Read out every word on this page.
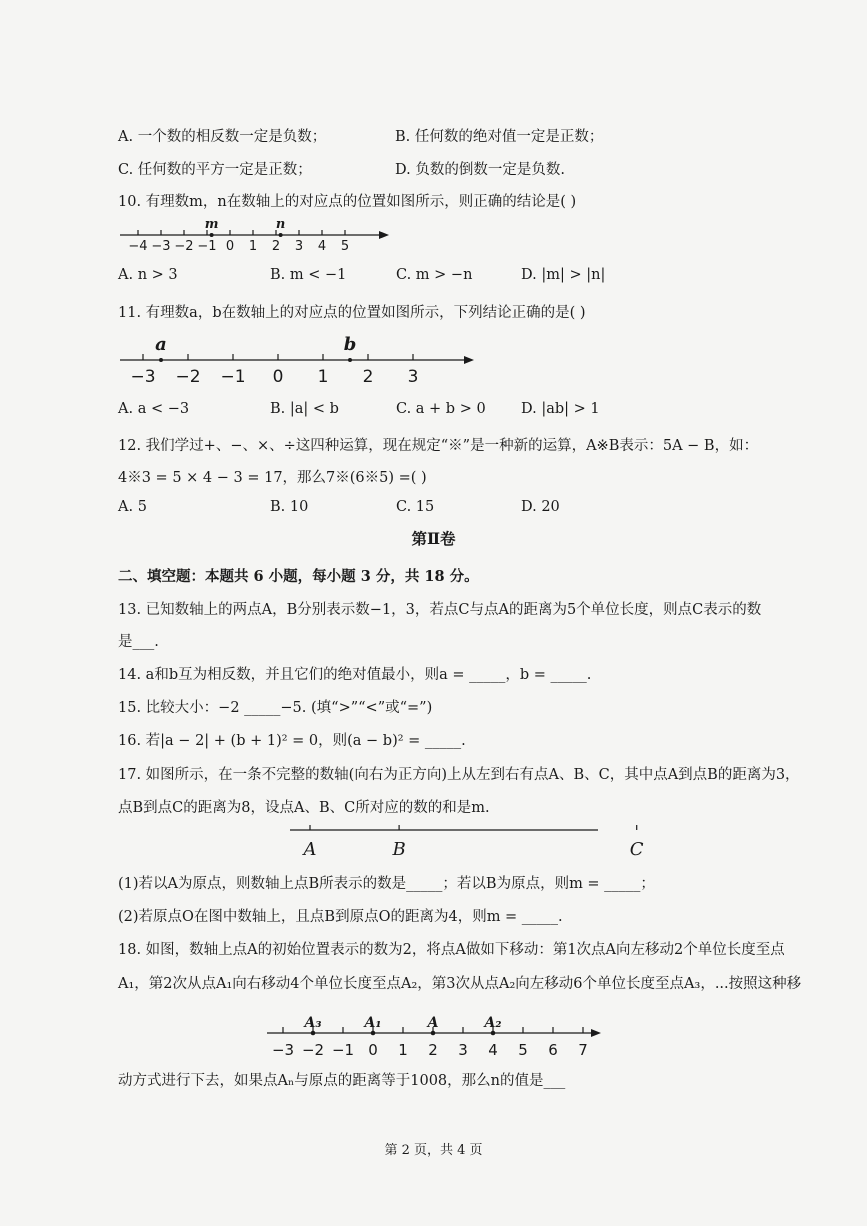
A. 一个数的相反数一定是负数；	B. 任何数的绝对值一定是正数；
C. 任何数的平方一定是正数；	D. 负数的倒数一定是负数.
10. 有理数m，n在数轴上的对应点的位置如图所示，则正确的结论是( )
−4 −3 −2 −1 0 1 2 3 4 5
m	n
A. n > 3	B. m < −1	C. m > −n	D. |m| > |n|
11. 有理数a，b在数轴上的对应点的位置如图所示，下列结论正确的是( )
−3 −2 −1 0 1 2 3
a	b
A. a < −3	B. |a| < b	C. a + b > 0 D. |ab| > 1
12. 我们学过+、−、×、÷这四种运算，现在规定“※”是一种新的运算，A※B表示：5A − B，如：
4※3 = 5 × 4 − 3 = 17，那么7※(6※5) =( )
A. 5	B. 10	C. 15	D. 20
第Ⅱ卷
二、填空题：本题共 6 小题，每小题 3 分，共 18 分。
13. 已知数轴上的两点A，B分别表示数−1，3，若点C与点A的距离为5个单位长度，则点C表示的数
是___.
14. a和b互为相反数，并且它们的绝对值最小，则a = _____，b = _____.
15. 比较大小：−2 _____−5. (填“>”“<”或“=”)
16. 若|a − 2| + (b + 1)² = 0，则(a − b)² = _____.
17. 如图所示，在一条不完整的数轴(向右为正方向)上从左到右有点A、B、C，其中点A到点B的距离为3，
点B到点C的距离为8，设点A、B、C所对应的数的和是m.
A	B	C
(1)若以A为原点，则数轴上点B所表示的数是_____；若以B为原点，则m = _____；
(2)若原点O在图中数轴上，且点B到原点O的距离为4，则m = _____.
18. 如图，数轴上点A的初始位置表示的数为2，将点A做如下移动：第1次点A向左移动2个单位长度至点
A₁，第2次从点A₁向右移动4个单位长度至点A₂，第3次从点A₂向左移动6个单位长度至点A₃，...按照这种移
−3 −2 −1 0 1 2 3 4 5 6 7
A₃	A₁	A	A₂
动方式进行下去，如果点Aₙ与原点的距离等于1008，那么n的值是___
第 2 页，共 4 页
